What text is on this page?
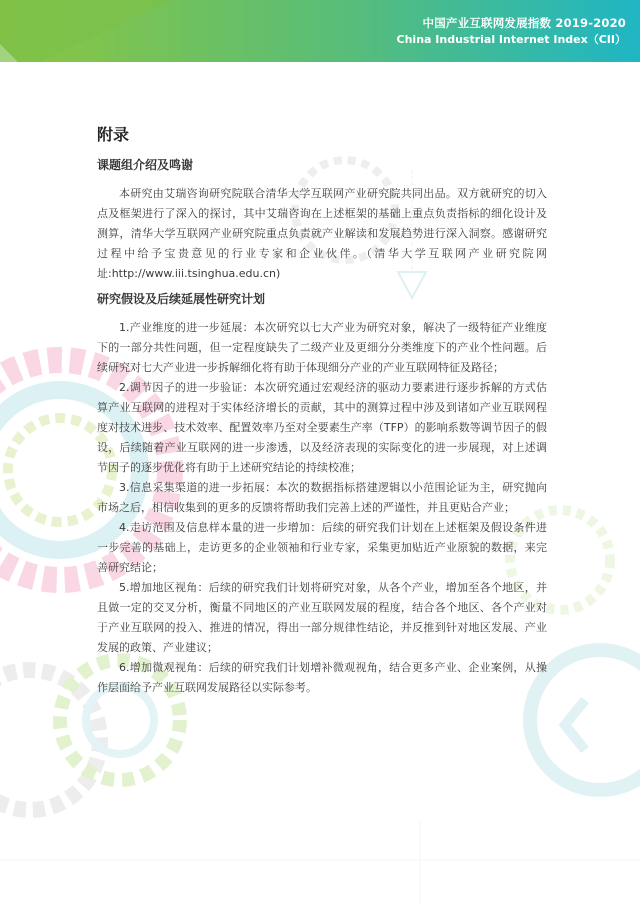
中国产业互联网发展指数 2019-2020
China Industrial Internet Index（CII）
附录
课题组介绍及鸣谢

本研究由艾瑞咨询研究院联合清华大学互联网产业研究院共同出品。双方就研究的切入点及框架进行了深入的探讨，其中艾瑞咨询在上述框架的基础上重点负责指标的细化设计及测算，清华大学互联网产业研究院重点负责就产业解读和发展趋势进行深入洞察。感谢研究过程中给予宝贵意见的行业专家和企业伙伴。（清华大学互联网产业研究院网址:http://www.iii.tsinghua.edu.cn)

研究假设及后续延展性研究计划

1.产业维度的进一步延展：本次研究以七大产业为研究对象，解决了一级特征产业维度下的一部分共性问题，但一定程度缺失了二级产业及更细分分类维度下的产业个性问题。后续研究对七大产业进一步拆解细化将有助于体现细分产业的产业互联网特征及路径；

2.调节因子的进一步验证：本次研究通过宏观经济的驱动力要素进行逐步拆解的方式估算产业互联网的进程对于实体经济增长的贡献，其中的测算过程中涉及到诸如产业互联网程度对技术进步、技术效率、配置效率乃至对全要素生产率（TFP）的影响系数等调节因子的假设，后续随着产业互联网的进一步渗透，以及经济表现的实际变化的进一步展现，对上述调节因子的逐步优化将有助于上述研究结论的持续校准；

3.信息采集渠道的进一步拓展：本次的数据指标搭建逻辑以小范围论证为主，研究抛向市场之后，相信收集到的更多的反馈将帮助我们完善上述的严谨性，并且更贴合产业；

4.走访范围及信息样本量的进一步增加：后续的研究我们计划在上述框架及假设条件进一步完善的基础上，走访更多的企业领袖和行业专家，采集更加贴近产业原貌的数据，来完善研究结论；

5.增加地区视角：后续的研究我们计划将研究对象，从各个产业，增加至各个地区，并且做一定的交叉分析，衡量不同地区的产业互联网发展的程度，结合各个地区、各个产业对于产业互联网的投入、推进的情况，得出一部分规律性结论，并反推到针对地区发展、产业发展的政策、产业建议；

6.增加微观视角：后续的研究我们计划增补微观视角，结合更多产业、企业案例，从操作层面给予产业互联网发展路径以实际参考。
